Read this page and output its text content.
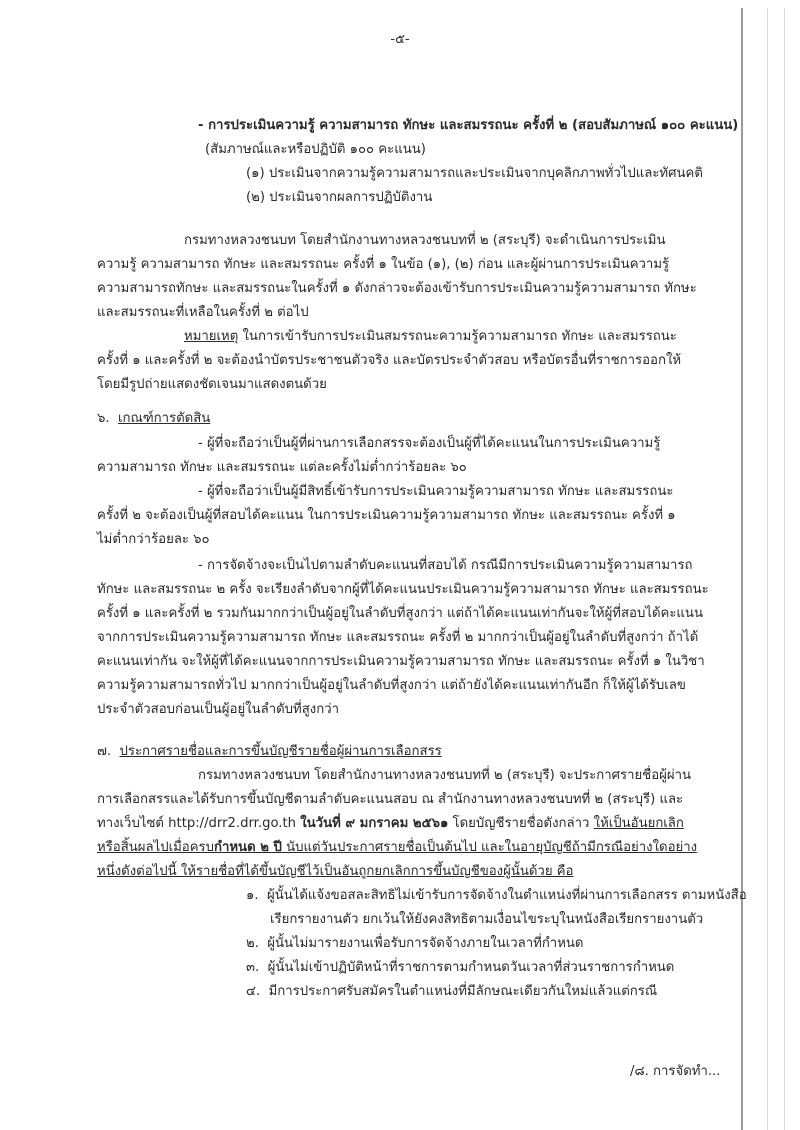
-๕-
- การประเมินความรู้ ความสามารถ ทักษะ และสมรรถนะ ครั้งที่ ๒ (สอบสัมภาษณ์ ๑๐๐ คะแนน)
(สัมภาษณ์และหรือปฏิบัติ ๑๐๐ คะแนน)
(๑) ประเมินจากความรู้ความสามารถและประเมินจากบุคลิกภาพทั่วไปและทัศนคติ
(๒) ประเมินจากผลการปฏิบัติงาน
กรมทางหลวงชนบท โดยสำนักงานทางหลวงชนบทที่ ๒ (สระบุรี) จะดำเนินการประเมิน
ความรู้ ความสามารถ ทักษะ และสมรรถนะ ครั้งที่ ๑ ในข้อ (๑), (๒) ก่อน และผู้ผ่านการประเมินความรู้
ความสามารถทักษะ และสมรรถนะในครั้งที่ ๑ ดังกล่าวจะต้องเข้ารับการประเมินความรู้ความสามารถ ทักษะ
และสมรรถนะที่เหลือในครั้งที่ ๒ ต่อไป
หมายเหตุ ในการเข้ารับการประเมินสมรรถนะความรู้ความสามารถ ทักษะ และสมรรถนะ
ครั้งที่ ๑ และครั้งที่ ๒ จะต้องนำบัตรประชาชนตัวจริง และบัตรประจำตัวสอบ หรือบัตรอื่นที่ราชการออกให้
โดยมีรูปถ่ายแสดงชัดเจนมาแสดงตนด้วย
๖. เกณฑ์การตัดสิน
- ผู้ที่จะถือว่าเป็นผู้ที่ผ่านการเลือกสรรจะต้องเป็นผู้ที่ได้คะแนนในการประเมินความรู้
ความสามารถ ทักษะ และสมรรถนะ แต่ละครั้งไม่ต่ำกว่าร้อยละ ๖๐
- ผู้ที่จะถือว่าเป็นผู้มีสิทธิ์เข้ารับการประเมินความรู้ความสามารถ ทักษะ และสมรรถนะ
ครั้งที่ ๒ จะต้องเป็นผู้ที่สอบได้คะแนน ในการประเมินความรู้ความสามารถ ทักษะ และสมรรถนะ ครั้งที่ ๑
ไม่ต่ำกว่าร้อยละ ๖๐
- การจัดจ้างจะเป็นไปตามลำดับคะแนนที่สอบได้ กรณีมีการประเมินความรู้ความสามารถ
ทักษะ และสมรรถนะ ๒ ครั้ง จะเรียงลำดับจากผู้ที่ได้คะแนนประเมินความรู้ความสามารถ ทักษะ และสมรรถนะ
ครั้งที่ ๑ และครั้งที่ ๒ รวมกันมากกว่าเป็นผู้อยู่ในลำดับที่สูงกว่า แต่ถ้าได้คะแนนเท่ากันจะให้ผู้ที่สอบได้คะแนน
จากการประเมินความรู้ความสามารถ ทักษะ และสมรรถนะ ครั้งที่ ๒ มากกว่าเป็นผู้อยู่ในลำดับที่สูงกว่า ถ้าได้
คะแนนเท่ากัน จะให้ผู้ที่ได้คะแนนจากการประเมินความรู้ความสามารถ ทักษะ และสมรรถนะ ครั้งที่ ๑ ในวิชา
ความรู้ความสามารถทั่วไป มากกว่าเป็นผู้อยู่ในลำดับที่สูงกว่า แต่ถ้ายังได้คะแนนเท่ากันอีก ก็ให้ผู้ได้รับเลข
ประจำตัวสอบก่อนเป็นผู้อยู่ในลำดับที่สูงกว่า
๗. ประกาศรายชื่อและการขึ้นบัญชีรายชื่อผู้ผ่านการเลือกสรร
กรมทางหลวงชนบท โดยสำนักงานทางหลวงชนบทที่ ๒ (สระบุรี) จะประกาศรายชื่อผู้ผ่าน
การเลือกสรรและได้รับการขึ้นบัญชีตามลำดับคะแนนสอบ ณ สำนักงานทางหลวงชนบทที่ ๒ (สระบุรี) และ
ทางเว็บไซต์ http://drr2.drr.go.th ในวันที่ ๙ มกราคม ๒๕๖๑ โดยบัญชีรายชื่อดังกล่าว ให้เป็นอันยกเลิก
หรือสิ้นผลไปเมื่อครบกำหนด ๒ ปี นับแต่วันประกาศรายชื่อเป็นต้นไป และในอายุบัญชีถ้ามีกรณีอย่างใดอย่าง
หนึ่งดังต่อไปนี้ ให้รายชื่อที่ได้ขึ้นบัญชีไว้เป็นอันถูกยกเลิกการขึ้นบัญชีของผู้นั้นด้วย คือ
๑. ผู้นั้นได้แจ้งขอสละสิทธิไม่เข้ารับการจัดจ้างในตำแหน่งที่ผ่านการเลือกสรร ตามหนังสือ
เรียกรายงานตัว ยกเว้นให้ยังคงสิทธิตามเงื่อนไขระบุในหนังสือเรียกรายงานตัว
๒. ผู้นั้นไม่มารายงานเพื่อรับการจัดจ้างภายในเวลาที่กำหนด
๓. ผู้นั้นไม่เข้าปฏิบัติหน้าที่ราชการตามกำหนดวันเวลาที่ส่วนราชการกำหนด
๔. มีการประกาศรับสมัครในตำแหน่งที่มีลักษณะเดียวกันใหม่แล้วแต่กรณี
/๘. การจัดทำ...
